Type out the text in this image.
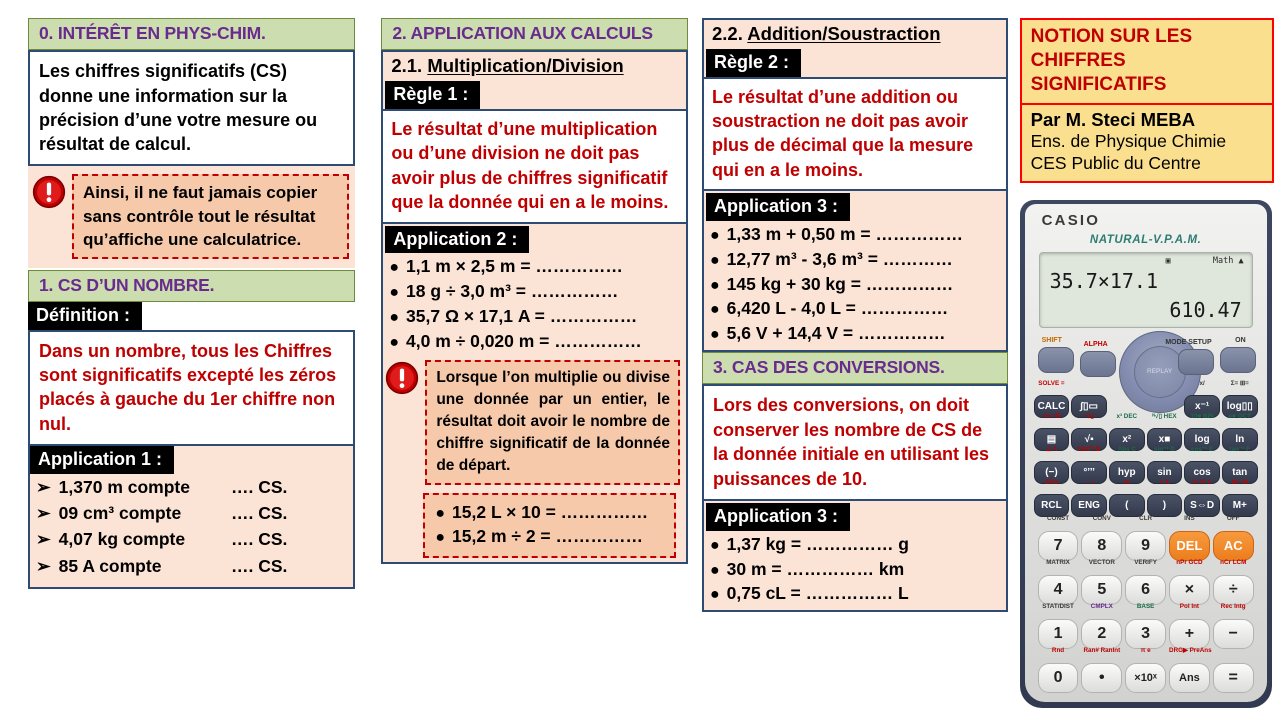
0. INTÉRÊT EN PHYS-CHIM.
Les chiffres significatifs (CS) donne une information sur la précision d’une votre mesure ou résultat de calcul.
Ainsi, il ne faut jamais copier sans contrôle tout le résultat qu’affiche une calculatrice.
1. CS D’UN NOMBRE.
Définition :
Dans un nombre, tous les Chiffres sont significatifs excepté les zéros placés à gauche du 1er chiffre non nul.
Application 1 :
➢ 1,370 m compte …. CS.
➢ 09 cm³ compte	…. CS.
➢ 4,07 kg compte	…. CS.
➢ 85 A compte	…. CS.
2. APPLICATION AUX CALCULS
2.1. Multiplication/Division
Règle 1 :
Le résultat d’une multiplication ou d’une division ne doit pas avoir plus de chiffres significatif que la donnée qui en a le moins.
Application 2 :
● 1,1 m × 2,5 m = ……………
● 18 g ÷ 3,0 m³ = ……………
● 35,7 Ω × 17,1 A = ……………
● 4,0 m ÷ 0,020 m = ……………
Lorsque l’on multiplie ou divise une donnée par un entier, le résultat doit avoir le nombre de chiffre significatif de la donnée de départ.
● 15,2 L × 10 = ……………
● 15,2 m ÷ 2 = ……………
2.2. Addition/Soustraction
Règle 2 :
Le résultat d’une addition ou soustraction ne doit pas avoir plus de décimal que la mesure qui en a le moins.
Application 3 :
● 1,33 m + 0,50 m = ……………
● 12,77 m³ - 3,6 m³ = …………
● 145 kg + 30 kg = ……………
● 6,420 L - 4,0 L = ……………
● 5,6 V + 14,4 V = ……………
3. CAS DES CONVERSIONS.
Lors des conversions, on doit conserver les nombre de CS de la donnée initiale en utilisant les puissances de 10.
Application 3 :
● 1,37 kg = …………… g
● 30 m = …………… km
● 0,75 cL = …………… L
NOTION SUR LES
CHIFFRES SIGNIFICATIFS
Par M. Steci MEBA
Ens. de Physique Chimie
CES Public du Centre
CASIO
NATURAL-V.P.A.M.
▣	Math ▲
35.7×17.1
610.47
SHIFT
ALPHA
REPLAY
MODE SETUP	ON
SOLVE =
CALC	∫▯▭
x/
x⁻¹
Σ= ⊞=
log▯▯
▪⅟▪ ÷R
▤
ⁿ√▯
√▪
x³ DEC
x²
ᴺ√▯ HEX
x■
10■ BIN
log
e■ OCT
ln
∠ A
(−)
FACT B
°’’’
Abs C
hyp
sin⁻¹ D
sin
cos⁻¹ E
cos
tan⁻¹ F
tan
STO
RCL
← i
ENG
%
(
⑂ X
)
⅟▪ ⅟▪ Y
S⇔D
M− M
M+
CONST
7
CONV
8
CLR
9
INS
DEL
OFF
AC
MATRIX
4
VECTOR
5
VERIFY
6
nPr GCD
×
nCr LCM
÷
STAT/DIST
1
CMPLX
2
BASE
3
Pol Int
+
Rec Intg
−
Rnd
0
Ran# RanInt
•
π e
×10ˣ
DRG▶ PreAns
Ans	=
